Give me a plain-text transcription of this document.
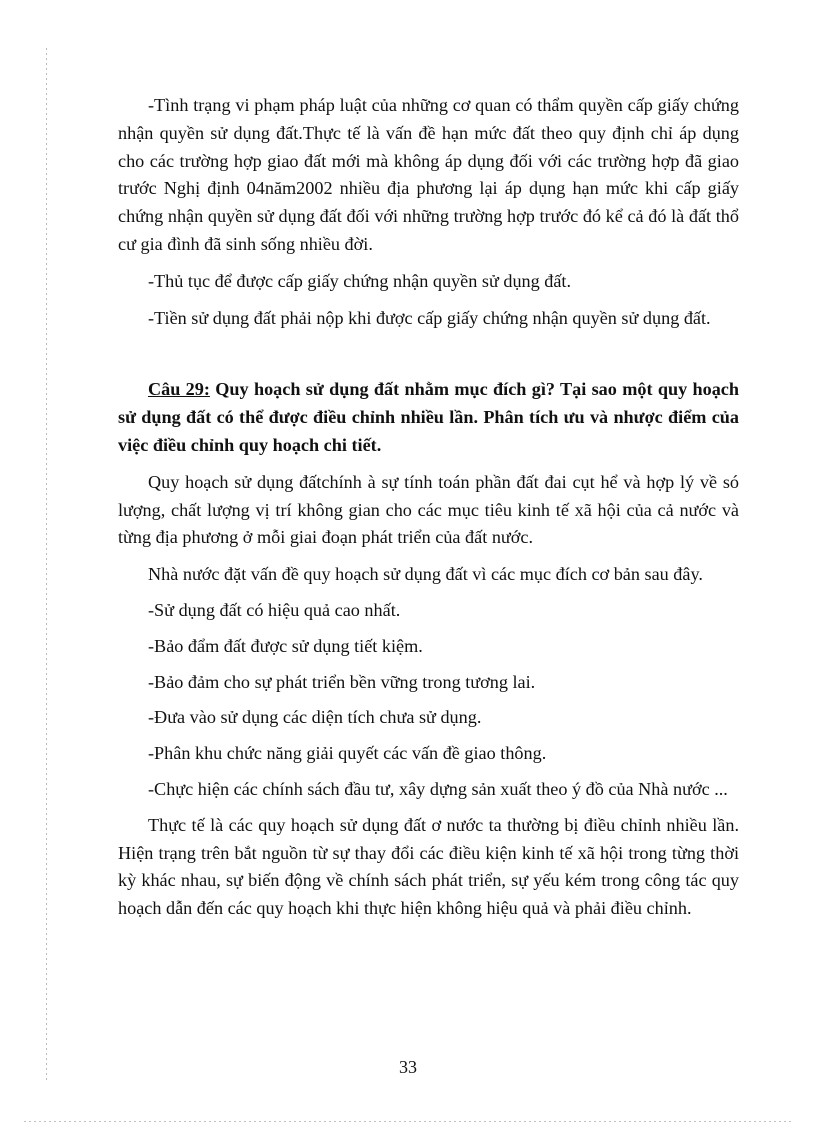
-Tình trạng vi phạm pháp luật của những cơ quan có thẩm quyền cấp giấy chứng nhận quyền sử dụng đất.Thực tế là vấn đề hạn mức đất theo quy định chỉ áp dụng cho các trường hợp giao đất mới mà không áp dụng đối với các trường hợp đã giao trước Nghị định 04năm2002 nhiều địa phương lại áp dụng hạn mức khi cấp giấy chứng nhận quyền sử dụng đất đối với những trường hợp trước đó kể cả đó là đất thổ cư gia đình đã sinh sống nhiều đời.

-Thủ tục để được cấp giấy chứng nhận quyền sử dụng đất.

-Tiền sử dụng đất phải nộp khi được cấp giấy chứng nhận quyền sử dụng đất.

Câu 29: Quy hoạch sử dụng đất nhằm mục đích gì? Tại sao một quy hoạch sử dụng đất có thể được điều chỉnh nhiều lần. Phân tích ưu và nhược điểm của việc điều chỉnh quy hoạch chi tiết.

Quy hoạch sử dụng đấtchính à sự tính toán phần đất đai cụt hể và hợp lý về só lượng, chất lượng vị trí không gian cho các mục tiêu kinh tế xã hội của cả nước và từng địa phương ở mỗi giai đoạn phát triển của đất nước.

Nhà nước đặt vấn đề quy hoạch sử dụng đất vì các mục đích cơ bản sau đây.

-Sử dụng đất có hiệu quả cao nhất.

-Bảo đẩm đất được sử dụng tiết kiệm.

-Bảo đảm cho sự phát triển bền vững trong tương lai.

-Đưa vào sử dụng các diện tích chưa sử dụng.

-Phân khu chức năng giải quyết các vấn đề giao thông.

-Chực hiện các chính sách đầu tư, xây dựng sản xuất theo ý đồ của Nhà nước ...

Thực tế là các quy hoạch sử dụng đất ơ nước ta thường bị điều chỉnh nhiều lần. Hiện trạng trên bắt nguồn từ sự thay đổi các điều kiện kinh tế xã hội trong từng thời kỳ khác nhau, sự biến động về chính sách phát triển, sự yếu kém trong công tác quy hoạch dẫn đến các quy hoạch khi thực hiện không hiệu quả và phải điều chỉnh.

33
